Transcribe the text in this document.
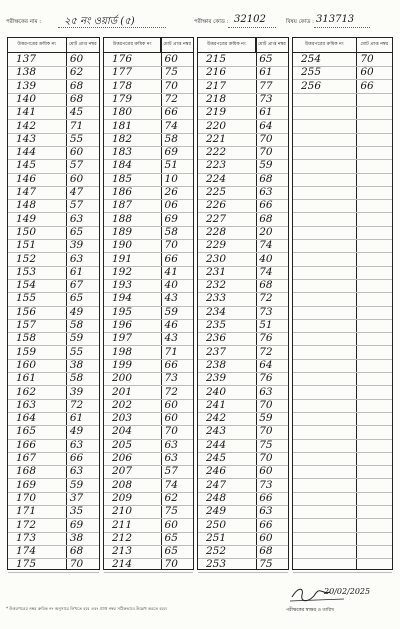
পরীক্ষকের নাম : ২৫ নং ওয়ার্ড (৫)	পরীক্ষার কোড : 32102	বিষয় কোড : 313713
উত্তরপত্রের ক্রমিক নং	মোট প্রাপ্ত নম্বর
137	60
138	62
139	68
140	68
141	45
142	71
143	55
144	60
145	57
146	60
147	47
148	57
149	63
150	65
151	39
152	63
153	61
154	67
155	65
156	49
157	58
158	59
159	55
160	38
161	58
162	39
163	72
164	61
165	49
166	63
167	66
168	63
169	59
170	37
171	35
172	69
173	38
174	68
175	70
উত্তরপত্রের ক্রমিক নং	মোট প্রাপ্ত নম্বর
176	60
177	75
178	70
179	72
180	66
181	74
182	58
183	69
184	51
185	10
186	26
187	06
188	69
189	58
190	70
191	66
192	41
193	40
194	43
195	59
196	46
197	43
198	71
199	66
200	73
201	72
202	60
203	60
204	70
205	63
206	63
207	57
208	74
209	62
210	75
211	60
212	65
213	65
214	70
উত্তরপত্রের ক্রমিক নং	মোট প্রাপ্ত নম্বর
215	65
216	61
217	77
218	73
219	61
220	64
221	70
222	70
223	59
224	68
225	63
226	66
227	68
228	20
229	74
230	40
231	74
232	68
233	72
234	73
235	51
236	76
237	72
238	64
239	76
240	63
241	70
242	59
243	70
244	75
245	70
246	60
247	73
248	66
249	63
250	66
251	60
252	68
253	75
উত্তরপত্রের ক্রমিক নং	মোট প্রাপ্ত নম্বর
254	70
255	60
256	66
20/02/2025
পরীক্ষকের স্বাক্ষর ও তারিখ
* উত্তরপত্রের নম্বর ক্রমিক নং অনুসারে লিখতে হবে এবং প্রাপ্ত নম্বর সঠিকভাবে উল্লেখ করতে হবে।
